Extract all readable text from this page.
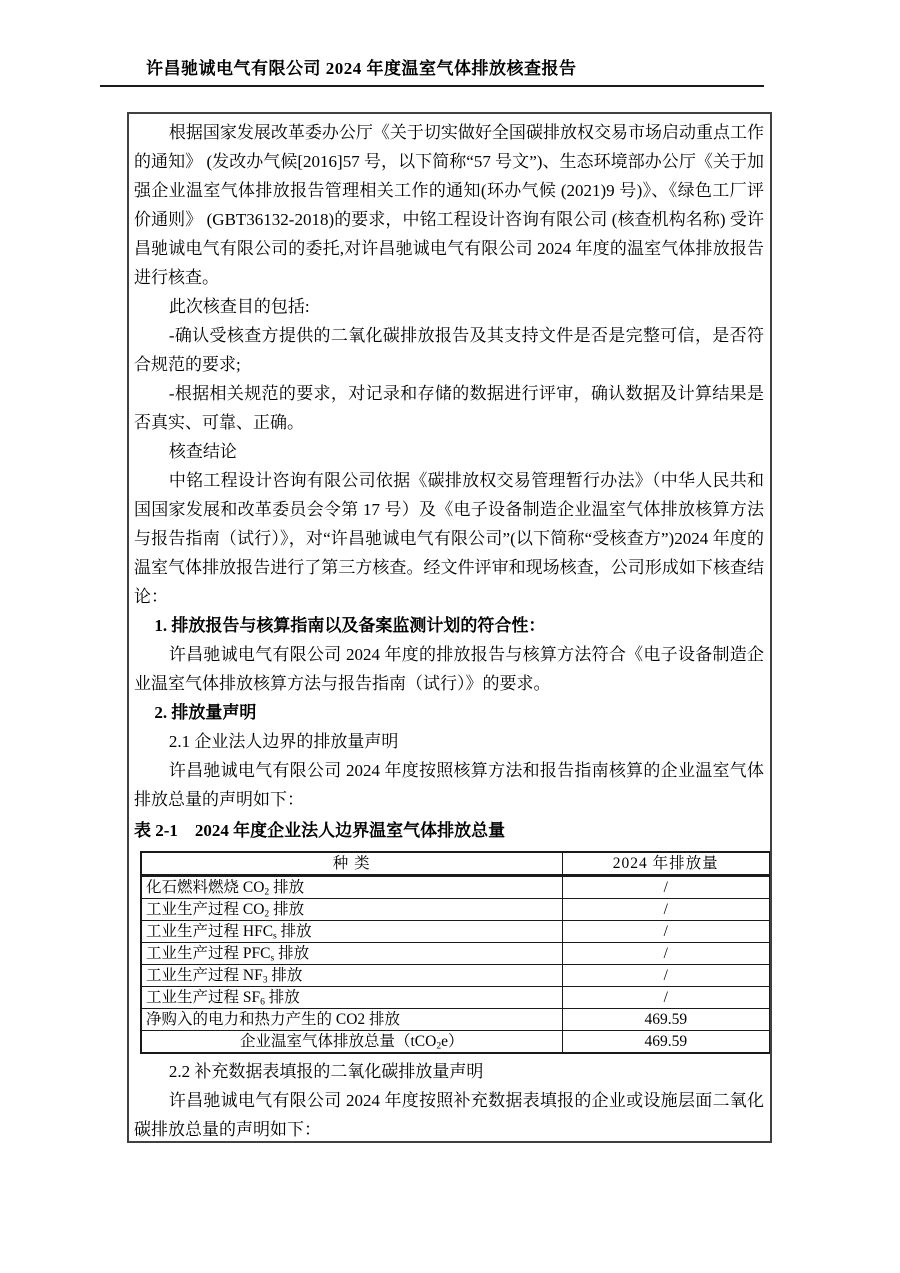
许昌驰诚电气有限公司 2024 年度温室气体排放核查报告
根据国家发展改革委办公厅《关于切实做好全国碳排放权交易市场启动重点工作的通知》 (发改办气候[2016]57 号，以下简称“57 号文”)、生态环境部办公厅《关于加强企业温室气体排放报告管理相关工作的通知(环办气候 (2021)9 号)》、《绿色工厂评价通则》 (GBT36132-2018)的要求，中铭工程设计咨询有限公司 (核查机构名称) 受许昌驰诚电气有限公司的委托,对许昌驰诚电气有限公司 2024 年度的温室气体排放报告进行核查。
此次核查目的包括:
-确认受核查方提供的二氧化碳排放报告及其支持文件是否是完整可信，是否符合规范的要求;
-根据相关规范的要求，对记录和存储的数据进行评审，确认数据及计算结果是否真实、可靠、正确。
核查结论
中铭工程设计咨询有限公司依据《碳排放权交易管理暂行办法》（中华人民共和国国家发展和改革委员会令第 17 号）及《电子设备制造企业温室气体排放核算方法与报告指南（试行）》，对“许昌驰诚电气有限公司”(以下简称“受核查方”)2024 年度的温室气体排放报告进行了第三方核查。经文件评审和现场核查，公司形成如下核查结论：
1. 排放报告与核算指南以及备案监测计划的符合性：
许昌驰诚电气有限公司 2024 年度的排放报告与核算方法符合《电子设备制造企业温室气体排放核算方法与报告指南（试行）》的要求。
2. 排放量声明
2.1 企业法人边界的排放量声明
许昌驰诚电气有限公司 2024 年度按照核算方法和报告指南核算的企业温室气体排放总量的声明如下：
表 2-1　2024 年度企业法人边界温室气体排放总量
种 类	2024 年排放量
化石燃料燃烧 $CO_2$ 排放	/
工业生产过程 $CO_2$ 排放	/
工业生产过程 $HFC_s$ 排放	/
工业生产过程 $PFC_s$ 排放	/
工业生产过程 $NF_3$ 排放	/
工业生产过程 $SF_6$ 排放	/
净购入的电力和热力产生的 CO2 排放	469.59
企业温室气体排放总量（tCO$_2$e）	469.59
2.2 补充数据表填报的二氧化碳排放量声明
许昌驰诚电气有限公司 2024 年度按照补充数据表填报的企业或设施层面二氧化碳排放总量的声明如下：
